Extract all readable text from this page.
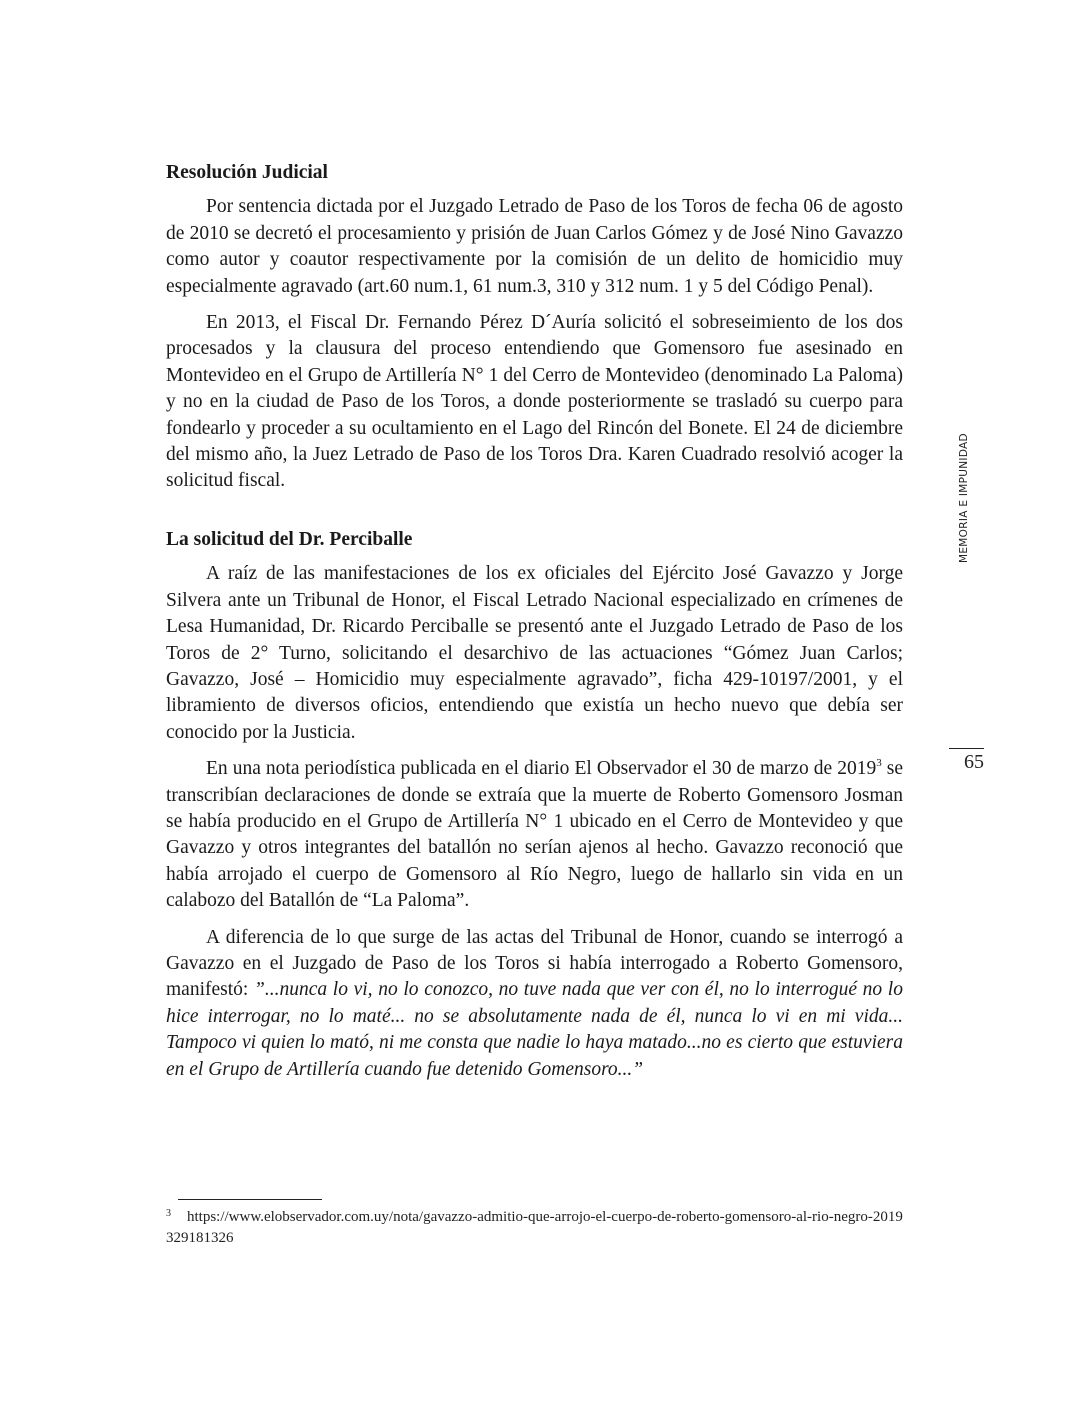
Resolución Judicial

Por sentencia dictada por el Juzgado Letrado de Paso de los Toros de fecha 06 de agosto de 2010 se decretó el procesamiento y prisión de Juan Carlos Gómez y de José Nino Gavazzo como autor y coautor respectivamente por la comisión de un delito de homicidio muy especialmente agravado (art.60 num.1, 61 num.3, 310 y 312 num. 1 y 5 del Código Penal).

En 2013, el Fiscal Dr. Fernando Pérez D´Auría solicitó el sobreseimiento de los dos procesados y la clausura del proceso entendiendo que Gomensoro fue asesinado en Montevideo en el Grupo de Artillería N° 1 del Cerro de Montevideo (denominado La Paloma) y no en la ciudad de Paso de los Toros, a donde posteriormente se trasladó su cuerpo para fondearlo y proceder a su ocultamiento en el Lago del Rincón del Bonete. El 24 de diciembre del mismo año, la Juez Letrado de Paso de los Toros Dra. Karen Cuadrado resolvió acoger la solicitud fiscal.

La solicitud del Dr. Perciballe

A raíz de las manifestaciones de los ex oficiales del Ejército José Gavazzo y Jorge Silvera ante un Tribunal de Honor, el Fiscal Letrado Nacional especializado en crímenes de Lesa Humanidad, Dr. Ricardo Perciballe se presentó ante el Juzgado Letrado de Paso de los Toros de 2° Turno, solicitando el desarchivo de las actuaciones “Gómez Juan Carlos; Gavazzo, José – Homicidio muy especialmente agravado”, ficha 429-10197/2001, y el libramiento de diversos oficios, entendiendo que existía un hecho nuevo que debía ser conocido por la Justicia.

En una nota periodística publicada en el diario El Observador el 30 de marzo de 2019$^3$ se transcribían declaraciones de donde se extraía que la muerte de Roberto Gomensoro Josman se había producido en el Grupo de Artillería N° 1 ubicado en el Cerro de Montevideo y que Gavazzo y otros integrantes del batallón no serían ajenos al hecho. Gavazzo reconoció que había arrojado el cuerpo de Gomensoro al Río Negro, luego de hallarlo sin vida en un calabozo del Batallón de “La Paloma”.

A diferencia de lo que surge de las actas del Tribunal de Honor, cuando se interrogó a Gavazzo en el Juzgado de Paso de los Toros si había interrogado a Roberto Gomensoro, manifestó: ”...nunca lo vi, no lo conozco, no tuve nada que ver con él, no lo interrogué no lo hice interrogar, no lo maté... no se absolutamente nada de él, nunca lo vi en mi vida... Tampoco vi quien lo mató, ni me consta que nadie lo haya matado...no es cierto que estuviera en el Grupo de Artillería cuando fue detenido Gomensoro...”

MEMORIA E IMPUNIDAD
65
$^3$ https://www.elobservador.com.uy/nota/gavazzo-admitio-que-arrojo-el-cuerpo-de-roberto-gomensoro-al-rio-negro-2019329181326
